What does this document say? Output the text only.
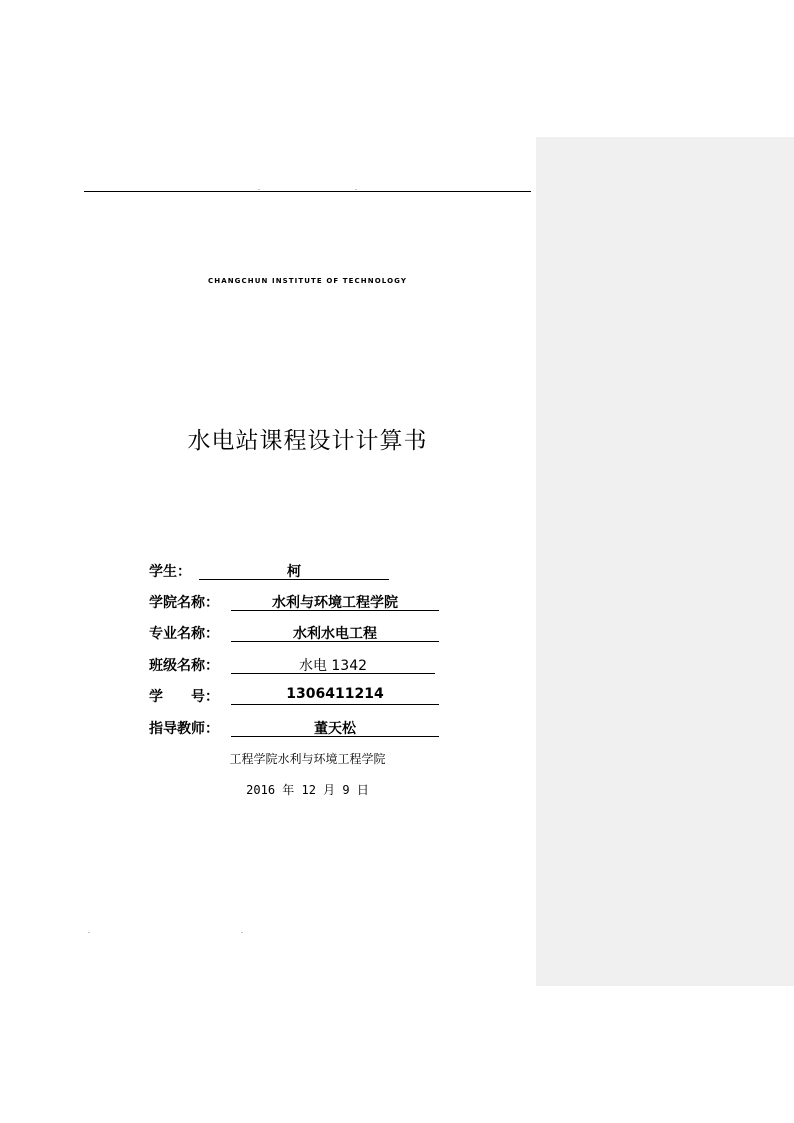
.	.
CHANGCHUN INSTITUTE OF TECHNOLOGY
水电站课程设计计算书
学生：	柯
学院名称：	水利与环境工程学院
专业名称：	水利水电工程
班级名称：	水电 1342
学　　号：	1306411214
指导教师：	董天松
工程学院水利与环境工程学院
2016 年 12 月 9 日
.	.
